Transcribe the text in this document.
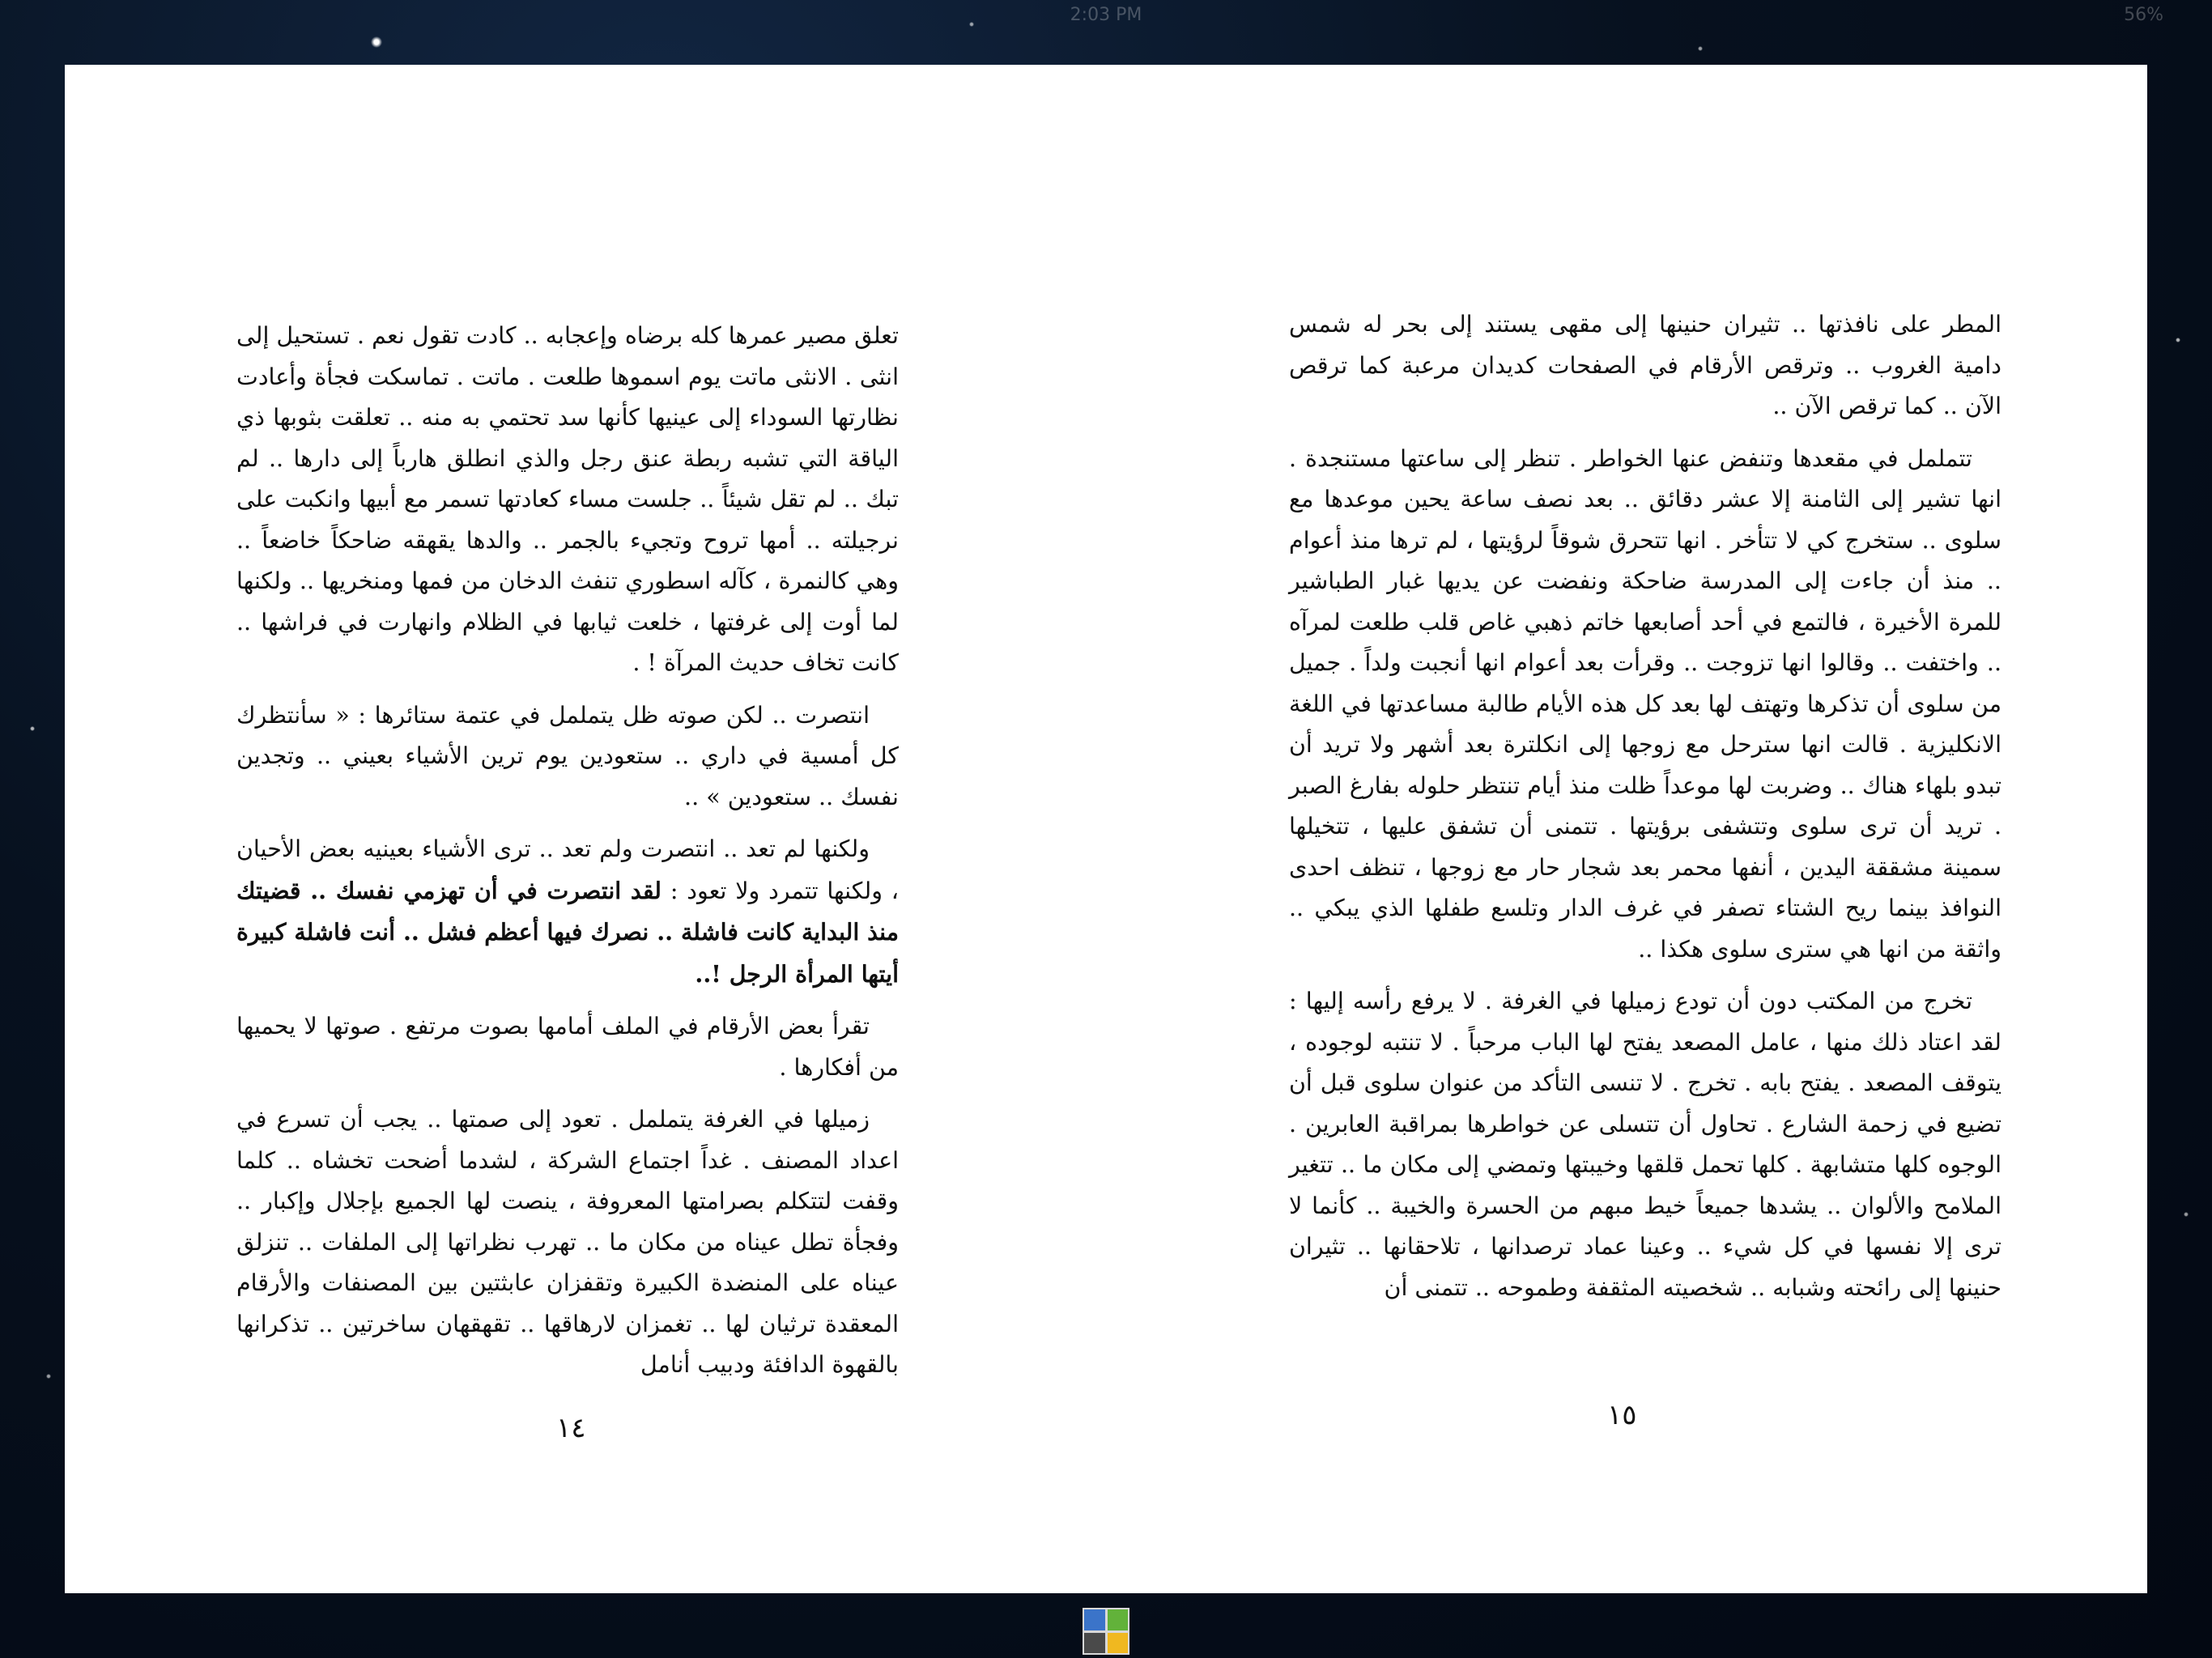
2:03 PM	56%

تعلق مصير عمرها كله برضاه وإعجابه .. كادت تقول نعم . تستحيل إلى انثى . الانثى ماتت يوم اسموها طلعت . ماتت . تماسكت فجأة وأعادت نظارتها السوداء إلى عينيها كأنها سد تحتمي به منه .. تعلقت بثوبها ذي الياقة التي تشبه ربطة عنق رجل والذي انطلق هارباً إلى دارها .. لم تبك .. لم تقل شيئاً .. جلست مساء كعادتها تسمر مع أبيها وانكبت على نرجيلته .. أمها تروح وتجيء بالجمر .. والدها يقهقه ضاحكاً خاضعاً .. وهي كالنمرة ، كآله اسطوري تنفث الدخان من فمها ومنخريها .. ولكنها لما أوت إلى غرفتها ، خلعت ثيابها في الظلام وانهارت في فراشها .. كانت تخاف حديث المرآة ! .

انتصرت .. لكن صوته ظل يتململ في عتمة ستائرها : « سأنتظرك كل أمسية في داري .. ستعودين يوم ترين الأشياء بعيني .. وتجدين نفسك .. ستعودين » ..

ولكنها لم تعد .. انتصرت ولم تعد .. ترى الأشياء بعينيه بعض الأحيان ، ولكنها تتمرد ولا تعود : لقد انتصرت في أن تهزمي نفسك .. قضيتك منذ البداية كانت فاشلة .. نصرك فيها أعظم فشل .. أنت فاشلة كبيرة أيتها المرأة الرجل !..

تقرأ بعض الأرقام في الملف أمامها بصوت مرتفع . صوتها لا يحميها من أفكارها .

زميلها في الغرفة يتململ . تعود إلى صمتها .. يجب أن تسرع في اعداد المصنف . غداً اجتماع الشركة ، لشدما أضحت تخشاه .. كلما وقفت لتتكلم بصرامتها المعروفة ، ينصت لها الجميع بإجلال وإكبار .. وفجأة تطل عيناه من مكان ما .. تهرب نظراتها إلى الملفات .. تنزلق عيناه على المنضدة الكبيرة وتقفزان عابثتين بين المصنفات والأرقام المعقدة ترثيان لها .. تغمزان لارهاقها .. تقهقهان ساخرتين .. تذكرانها بالقهوة الدافئة ودبيب أنامل

١٤

المطر على نافذتها .. تثيران حنينها إلى مقهى يستند إلى بحر له شمس دامية الغروب .. وترقص الأرقام في الصفحات كديدان مرعبة كما ترقص الآن .. كما ترقص الآن ..

تتململ في مقعدها وتنفض عنها الخواطر . تنظر إلى ساعتها مستنجدة . انها تشير إلى الثامنة إلا عشر دقائق .. بعد نصف ساعة يحين موعدها مع سلوى .. ستخرج كي لا تتأخر . انها تتحرق شوقاً لرؤيتها ، لم ترها منذ أعوام .. منذ أن جاءت إلى المدرسة ضاحكة ونفضت عن يديها غبار الطباشير للمرة الأخيرة ، فالتمع في أحد أصابعها خاتم ذهبي غاص قلب طلعت لمرآه .. واختفت .. وقالوا انها تزوجت .. وقرأت بعد أعوام انها أنجبت ولداً . جميل من سلوى أن تذكرها وتهتف لها بعد كل هذه الأيام طالبة مساعدتها في اللغة الانكليزية . قالت انها سترحل مع زوجها إلى انكلترة بعد أشهر ولا تريد أن تبدو بلهاء هناك .. وضربت لها موعداً ظلت منذ أيام تنتظر حلوله بفارغ الصبر . تريد أن ترى سلوى وتتشفى برؤيتها . تتمنى أن تشفق عليها ، تتخيلها سمينة مشققة اليدين ، أنفها محمر بعد شجار حار مع زوجها ، تنظف احدى النوافذ بينما ريح الشتاء تصفر في غرف الدار وتلسع طفلها الذي يبكي .. واثقة من انها هي سترى سلوى هكذا ..

تخرج من المكتب دون أن تودع زميلها في الغرفة . لا يرفع رأسه إليها : لقد اعتاد ذلك منها ، عامل المصعد يفتح لها الباب مرحباً . لا تنتبه لوجوده ، يتوقف المصعد . يفتح بابه . تخرج . لا تنسى التأكد من عنوان سلوى قبل أن تضيع في زحمة الشارع . تحاول أن تتسلى عن خواطرها بمراقبة العابرين . الوجوه كلها متشابهة . كلها تحمل قلقها وخيبتها وتمضي إلى مكان ما .. تتغير الملامح والألوان .. يشدها جميعاً خيط مبهم من الحسرة والخيبة .. كأنما لا ترى إلا نفسها في كل شيء .. وعينا عماد ترصدانها ، تلاحقانها .. تثيران حنينها إلى رائحته وشبابه .. شخصيته المثقفة وطموحه .. تتمنى أن

١٥
